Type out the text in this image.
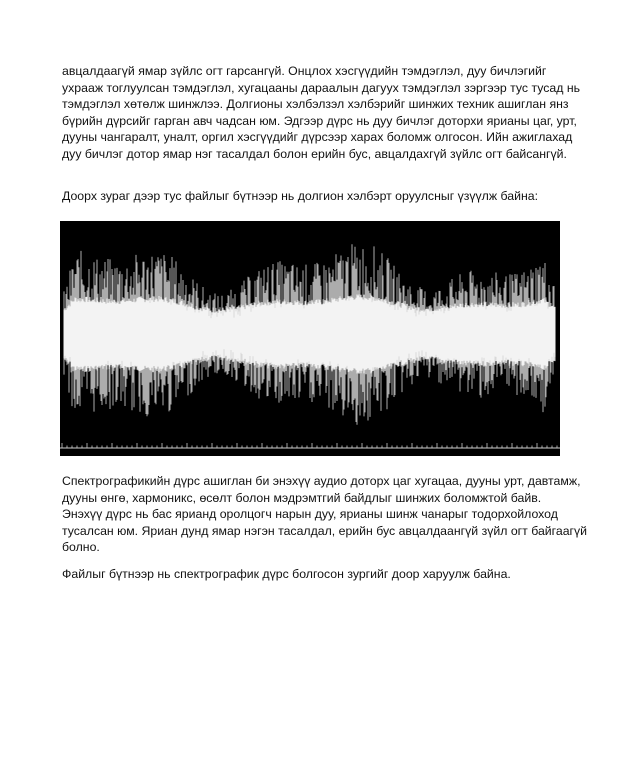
авцалдаагүй ямар зүйлс огт гарсангүй. Онцлох хэсгүүдийн тэмдэглэл, дуу бичлэгийг
ухрааж тоглуулсан тэмдэглэл, хугацааны дараалын дагуух тэмдэглэл зэргээр тус тусад нь
тэмдэглэл хөтөлж шинжлээ. Долгионы хэлбэлзэл хэлбэрийг шинжих техник ашиглан янз
бүрийн дүрсийг гарган авч чадсан юм. Эдгээр дүрс нь дуу бичлэг доторхи ярианы цаг, урт,
дууны чангаралт, уналт, оргил хэсгүүдийг дүрсээр харах боломж олгосон. Ийн ажиглахад
дуу бичлэг дотор ямар нэг тасалдал болон ерийн бус, авцалдахгүй зүйлс огт байсангүй.

Доорх зураг дээр тус файлыг бүтнээр нь долгион хэлбэрт оруулсныг үзүүлж байна:

Спектрографикийн дүрс ашиглан би энэхүү аудио доторх цаг хугацаа, дууны урт, давтамж,
дууны өнгө, хармоникс, өсөлт болон мэдрэмтгий байдлыг шинжих боломжтой байв.
Энэхүү дүрс нь бас ярианд оролцогч нарын дуу, ярианы шинж чанарыг тодорхойлоход
тусалсан юм. Яриан дунд ямар нэгэн тасалдал, ерийн бус авцалдаангүй зүйл огт байгаагүй
болно.

Файлыг бүтнээр нь спектрографик дүрс болгосон зургийг доор харуулж байна.
